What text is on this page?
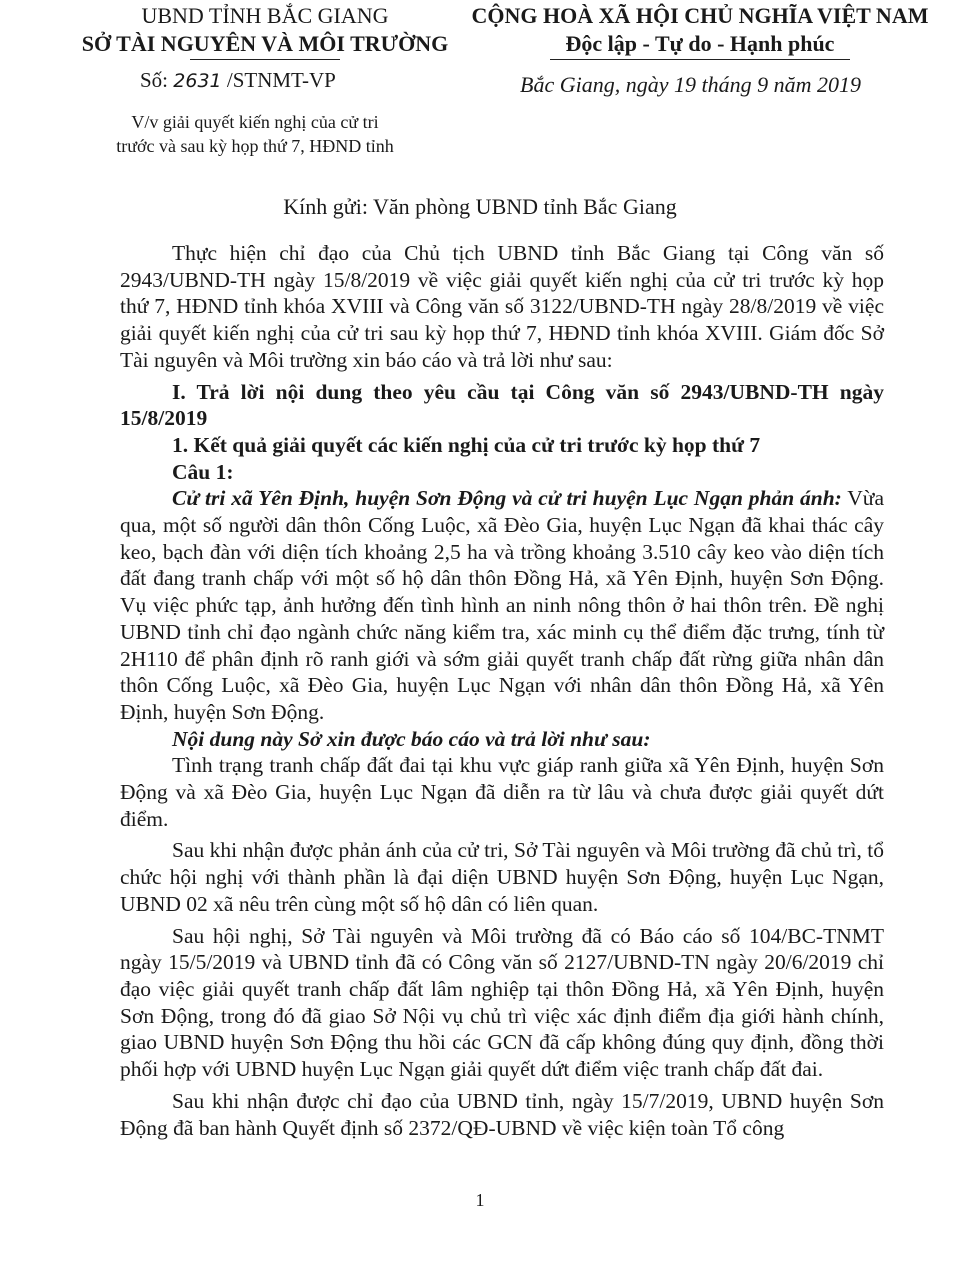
UBND TỈNH BẮC GIANG
SỞ TÀI NGUYÊN VÀ MÔI TRƯỜNG
CỘNG HOÀ XÃ HỘI CHỦ NGHĨA VIỆT NAM
Độc lập - Tự do - Hạnh phúc
Số: 2631 /STNMT-VP	Bắc Giang, ngày 19 tháng 9 năm 2019
V/v giải quyết kiến nghị của cử tri
trước và sau kỳ họp thứ 7, HĐND tỉnh
Kính gửi: Văn phòng UBND tỉnh Bắc Giang

Thực hiện chỉ đạo của Chủ tịch UBND tỉnh Bắc Giang tại Công văn số 2943/UBND-TH ngày 15/8/2019 về việc giải quyết kiến nghị của cử tri trước kỳ họp thứ 7, HĐND tỉnh khóa XVIII và Công văn số 3122/UBND-TH ngày 28/8/2019 về việc giải quyết kiến nghị của cử tri sau kỳ họp thứ 7, HĐND tỉnh khóa XVIII. Giám đốc Sở Tài nguyên và Môi trường xin báo cáo và trả lời như sau:

I. Trả lời nội dung theo yêu cầu tại Công văn số 2943/UBND-TH ngày 15/8/2019

1. Kết quả giải quyết các kiến nghị của cử tri trước kỳ họp thứ 7

Câu 1:

Cử tri xã Yên Định, huyện Sơn Động và cử tri huyện Lục Ngạn phản ánh: Vừa qua, một số người dân thôn Cống Luộc, xã Đèo Gia, huyện Lục Ngạn đã khai thác cây keo, bạch đàn với diện tích khoảng 2,5 ha và trồng khoảng 3.510 cây keo vào diện tích đất đang tranh chấp với một số hộ dân thôn Đồng Hả, xã Yên Định, huyện Sơn Động. Vụ việc phức tạp, ảnh hưởng đến tình hình an ninh nông thôn ở hai thôn trên. Đề nghị UBND tỉnh chỉ đạo ngành chức năng kiểm tra, xác minh cụ thể điểm đặc trưng, tính từ 2H110 để phân định rõ ranh giới và sớm giải quyết tranh chấp đất rừng giữa nhân dân thôn Cống Luộc, xã Đèo Gia, huyện Lục Ngạn với nhân dân thôn Đồng Hả, xã Yên Định, huyện Sơn Động.

Nội dung này Sở xin được báo cáo và trả lời như sau:

Tình trạng tranh chấp đất đai tại khu vực giáp ranh giữa xã Yên Định, huyện Sơn Động và xã Đèo Gia, huyện Lục Ngạn đã diễn ra từ lâu và chưa được giải quyết dứt điểm.

Sau khi nhận được phản ánh của cử tri, Sở Tài nguyên và Môi trường đã chủ trì, tổ chức hội nghị với thành phần là đại diện UBND huyện Sơn Động, huyện Lục Ngạn, UBND 02 xã nêu trên cùng một số hộ dân có liên quan.

Sau hội nghị, Sở Tài nguyên và Môi trường đã có Báo cáo số 104/BC-TNMT ngày 15/5/2019 và UBND tỉnh đã có Công văn số 2127/UBND-TN ngày 20/6/2019 chỉ đạo việc giải quyết tranh chấp đất lâm nghiệp tại thôn Đồng Hả, xã Yên Định, huyện Sơn Động, trong đó đã giao Sở Nội vụ chủ trì việc xác định điểm địa giới hành chính, giao UBND huyện Sơn Động thu hồi các GCN đã cấp không đúng quy định, đồng thời phối hợp với UBND huyện Lục Ngạn giải quyết dứt điểm việc tranh chấp đất đai.

Sau khi nhận được chỉ đạo của UBND tỉnh, ngày 15/7/2019, UBND huyện Sơn Động đã ban hành Quyết định số 2372/QĐ-UBND về việc kiện toàn Tổ công

1
